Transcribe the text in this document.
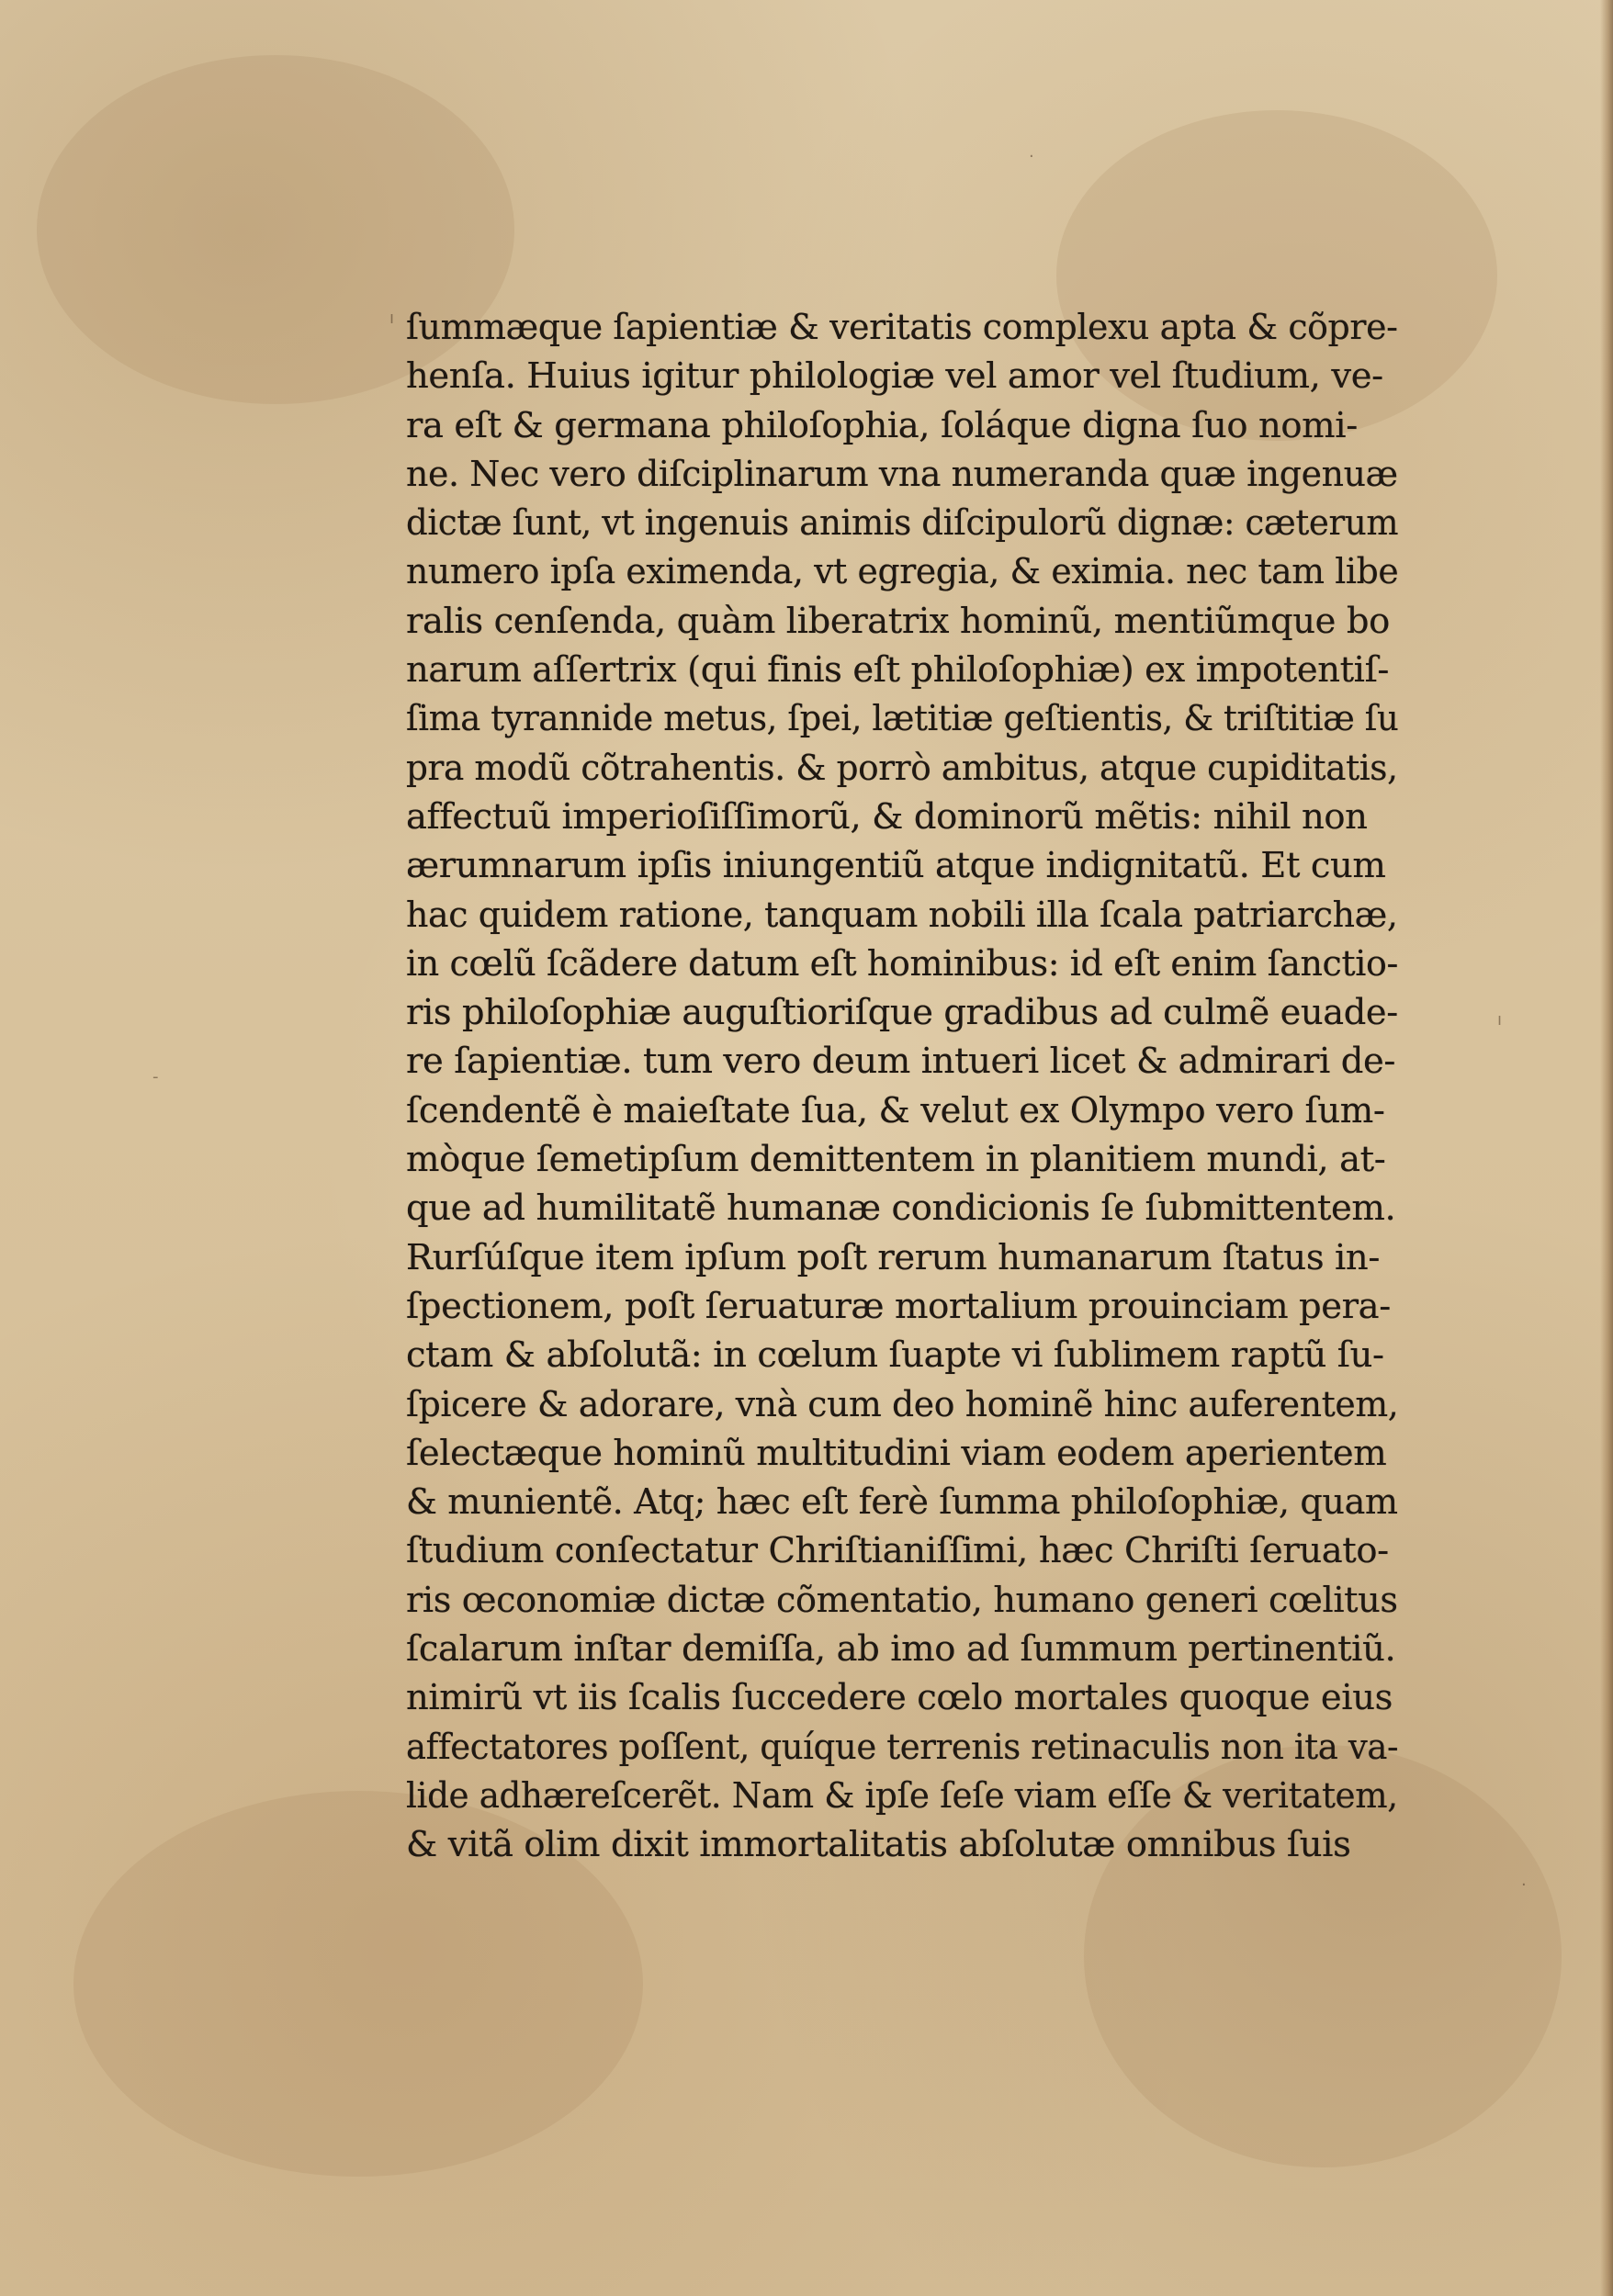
·
ı
-
ı
·
ſummæque ſapientiæ & veritatis complexu apta & cõpre-
henſa. Huius igitur philologiæ vel amor vel ſtudium, ve-
ra eſt & germana philoſophia, ſoláque digna ſuo nomi-
ne. Nec vero diſciplinarum vna numeranda quæ ingenuæ
dictæ ſunt, vt ingenuis animis diſcipulorũ dignæ: cæterum
numero ipſa eximenda, vt egregia, & eximia. nec tam libe
ralis cenſenda, quàm liberatrix hominũ, mentiũmque bo
narum aſſertrix (qui finis eſt philoſophiæ) ex impotentiſ-
ſima tyrannide metus, ſpei, lætitiæ geſtientis, & triſtitiæ ſu
pra modũ cõtrahentis. & porrò ambitus, atque cupiditatis,
affectuũ imperioſiſſimorũ, & dominorũ mẽtis: nihil non
ærumnarum ipſis iniungentiũ atque indignitatũ. Et cum
hac quidem ratione, tanquam nobili illa ſcala patriarchæ,
in cœlũ ſcãdere datum eſt hominibus: id eſt enim ſanctio-
ris philoſophiæ auguſtioriſque gradibus ad culmẽ euade-
re ſapientiæ. tum vero deum intueri licet & admirari de-
ſcendentẽ è maieſtate ſua, & velut ex Olympo vero ſum-
mòque ſemetipſum demittentem in planitiem mundi, at-
que ad humilitatẽ humanæ condicionis ſe ſubmittentem.
Rurſúſque item ipſum poſt rerum humanarum ſtatus in-
ſpectionem, poſt ſeruaturæ mortalium prouinciam pera-
ctam & abſolutã: in cœlum ſuapte vi ſublimem raptũ ſu-
ſpicere & adorare, vnà cum deo hominẽ hinc auferentem,
ſelectæque hominũ multitudini viam eodem aperientem
& munientẽ. Atq; hæc eſt ferè ſumma philoſophiæ, quam
ſtudium conſectatur Chriſtianiſſimi, hæc Chriſti ſeruato-
ris œconomiæ dictæ cõmentatio, humano generi cœlitus
ſcalarum inſtar demiſſa, ab imo ad ſummum pertinentiũ.
nimirũ vt iis ſcalis ſuccedere cœlo mortales quoque eius
affectatores poſſent, quíque terrenis retinaculis non ita va-
lide adhæreſcerẽt. Nam & ipſe ſeſe viam eſſe & veritatem,
& vitã olim dixit immortalitatis abſolutæ omnibus ſuis
